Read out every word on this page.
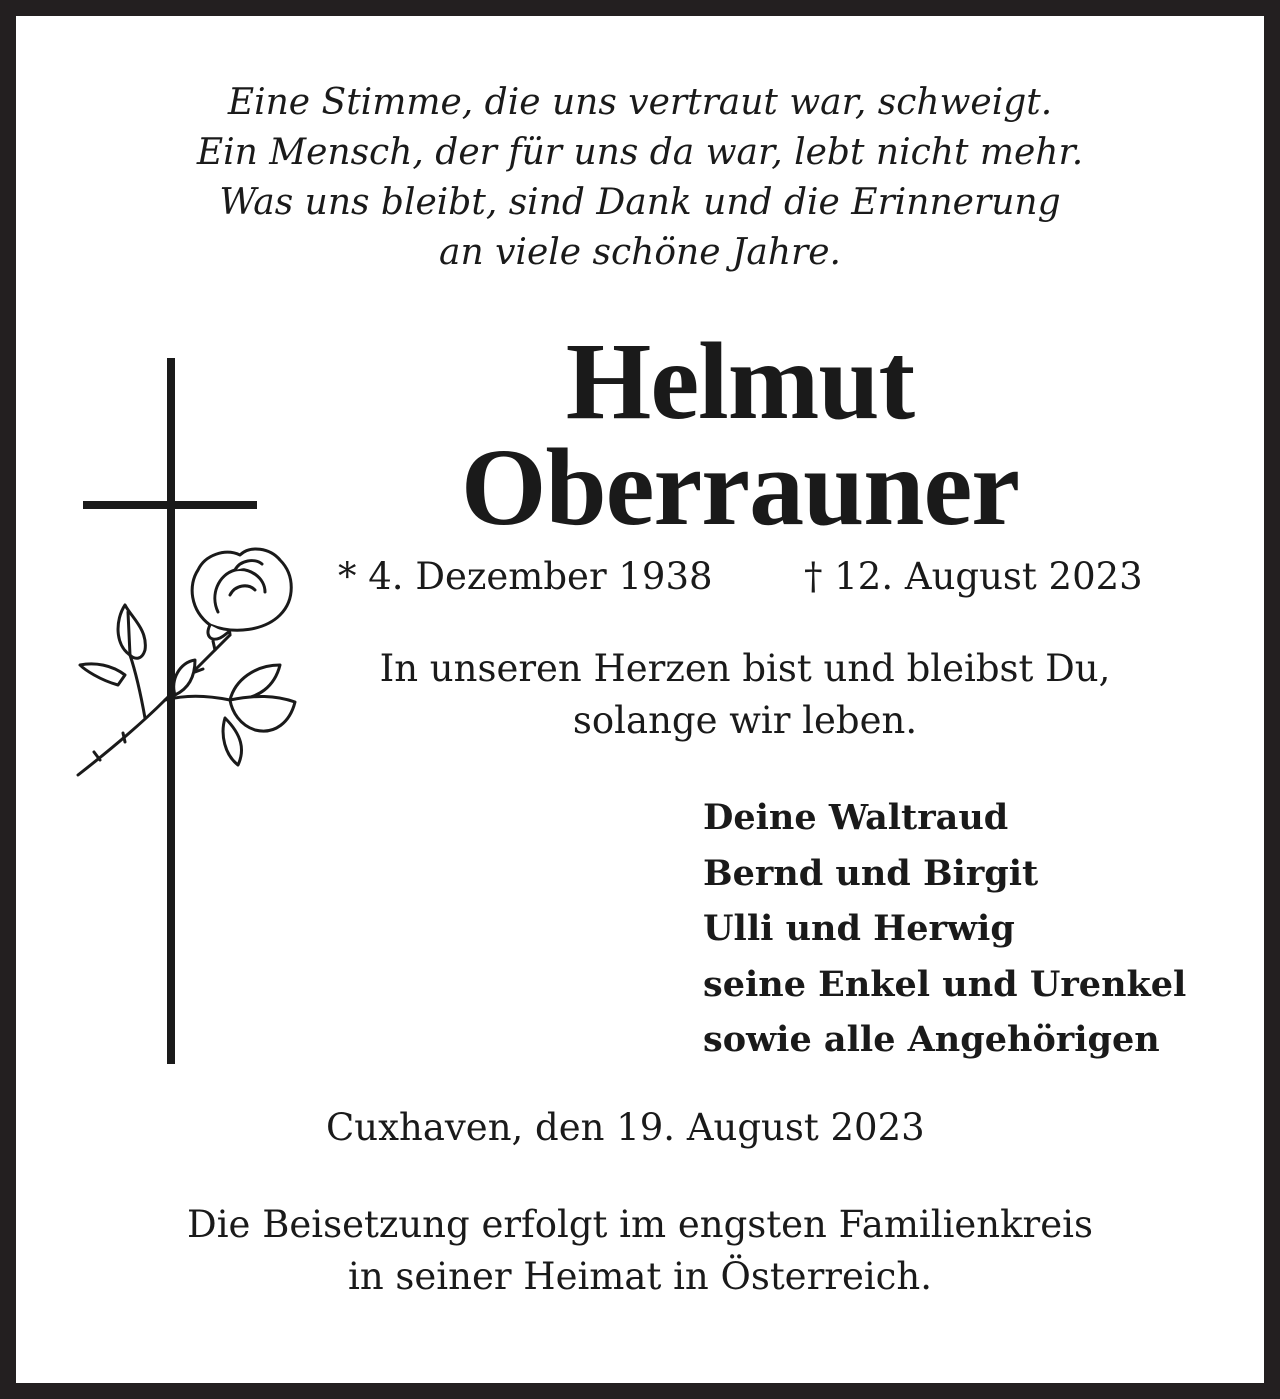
Eine Stimme, die uns vertraut war, schweigt.
Ein Mensch, der für uns da war, lebt nicht mehr.
Was uns bleibt, sind Dank und die Erinnerung
an viele schöne Jahre.
Helmut
Oberrauner
* 4. Dezember 1938 † 12. August 2023
In unseren Herzen bist und bleibst Du,
solange wir leben.
Deine Waltraud
Bernd und Birgit
Ulli und Herwig
seine Enkel und Urenkel
sowie alle Angehörigen
Cuxhaven, den 19. August 2023
Die Beisetzung erfolgt im engsten Familienkreis
in seiner Heimat in Österreich.
